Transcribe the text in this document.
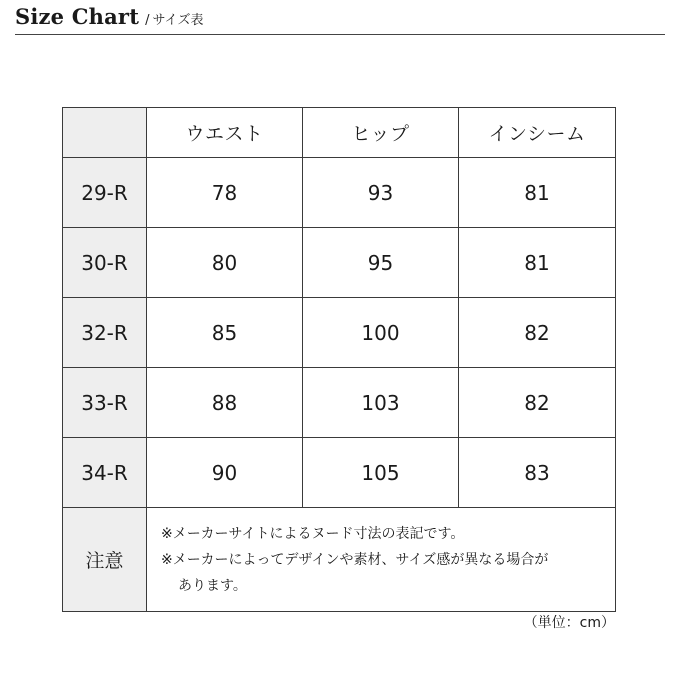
Size Chart / サイズ表
	ウエスト	ヒップ	インシーム
29-R	78	93	81
30-R	80	95	81
32-R	85	100	82
33-R	88	103	82
34-R	90	105	83
注意	※メーカーサイトによるヌード寸法の表記です。
※メーカーによってデザインや素材、サイズ感が異なる場合が
あります。		
（単位：cm）
